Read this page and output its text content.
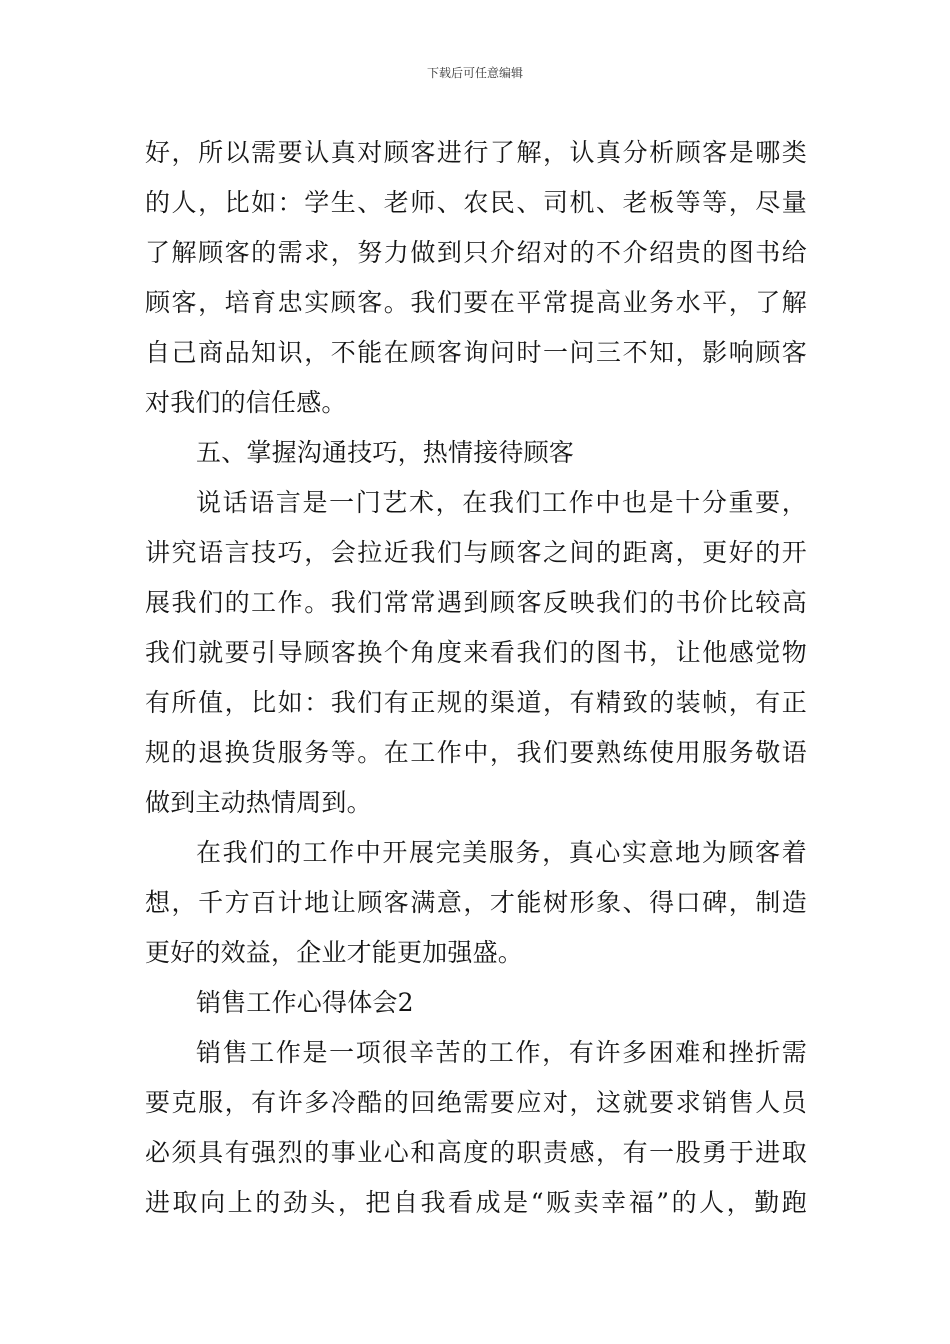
下载后可任意编辑
好，所以需要认真对顾客进行了解，认真分析顾客是哪类
的人，比如：学生、老师、农民、司机、老板等等，尽量
了解顾客的需求，努力做到只介绍对的不介绍贵的图书给
顾客，培育忠实顾客。我们要在平常提高业务水平，了解
自己商品知识，不能在顾客询问时一问三不知，影响顾客
对我们的信任感。
五、掌握沟通技巧，热情接待顾客
说话语言是一门艺术，在我们工作中也是十分重要，
讲究语言技巧，会拉近我们与顾客之间的距离，更好的开
展我们的工作。我们常常遇到顾客反映我们的书价比较高
我们就要引导顾客换个角度来看我们的图书，让他感觉物
有所值，比如：我们有正规的渠道，有精致的装帧，有正
规的退换货服务等。在工作中，我们要熟练使用服务敬语
做到主动热情周到。
在我们的工作中开展完美服务，真心实意地为顾客着
想，千方百计地让顾客满意，才能树形象、得口碑，制造
更好的效益，企业才能更加强盛。
销售工作心得体会2
销售工作是一项很辛苦的工作，有许多困难和挫折需
要克服，有许多冷酷的回绝需要应对，这就要求销售人员
必须具有强烈的事业心和高度的职责感，有一股勇于进取
进取向上的劲头，把自我看成是“贩卖幸福”的人，勤跑
